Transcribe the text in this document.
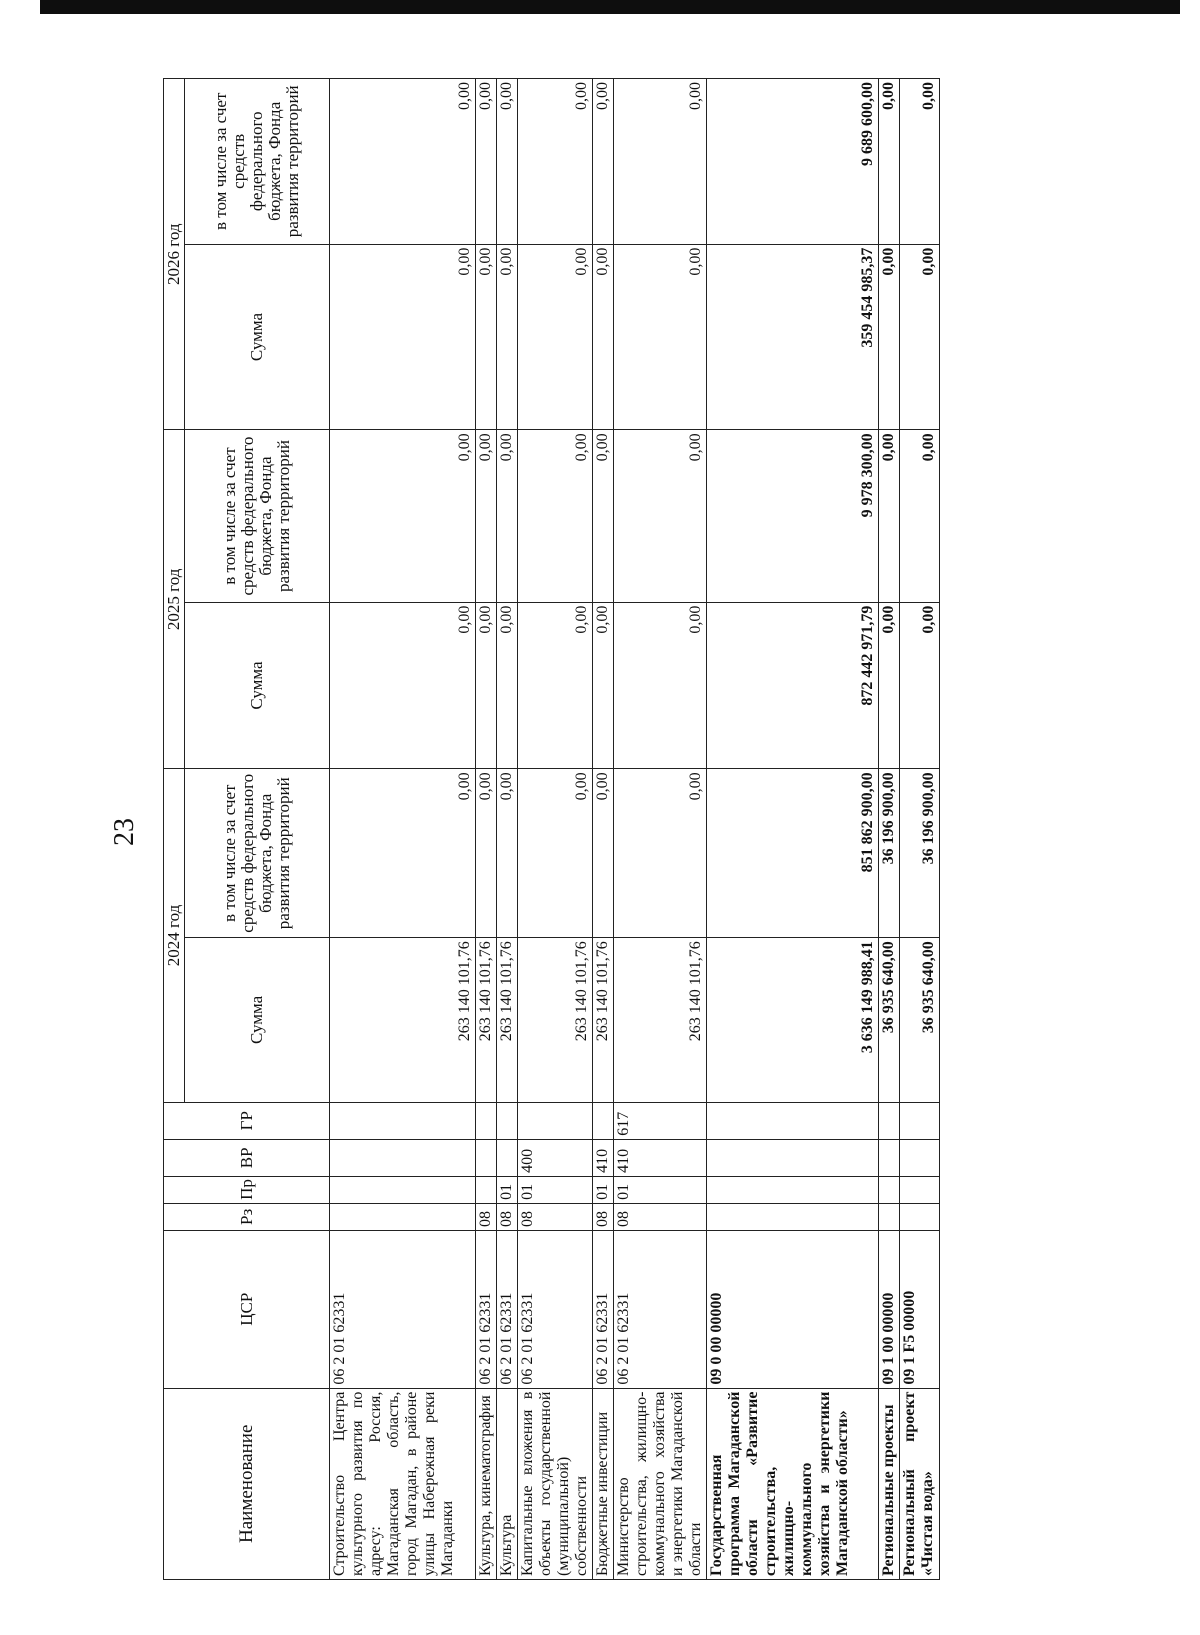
23
Наименование	ЦСР	Рз	Пр	ВР	ГР	2024 год		2025 год		2026 год	
						Сумма	в том числе за счет средств федерального бюджета, Фонда развития территорий	Сумма	в том числе за счет средств федерального бюджета, Фонда развития территорий	Сумма	в том числе за счет средств федерального бюджета, Фонда развития территорий
Строительство Центра культурного развития по адресу: Россия, Магаданская область, город Магадан, в районе улицы Набережная реки Магаданки	06 2 01 62331					263 140 101,76	0,00	0,00	0,00	0,00	0,00
Культура, кинематография	06 2 01 62331	08				263 140 101,76	0,00	0,00	0,00	0,00	0,00
Культура	06 2 01 62331	08	01			263 140 101,76	0,00	0,00	0,00	0,00	0,00
Капитальные вложения в объекты государственной (муниципальной) собственности	06 2 01 62331	08	01	400		263 140 101,76	0,00	0,00	0,00	0,00	0,00
Бюджетные инвестиции	06 2 01 62331	08	01	410		263 140 101,76	0,00	0,00	0,00	0,00	0,00
Министерство строительства, жилищно-коммунального хозяйства и энергетики Магаданской области	06 2 01 62331	08	01	410	617	263 140 101,76	0,00	0,00	0,00	0,00	0,00
Государственная программа Магаданской области «Развитие строительства, жилищно-коммунального хозяйства и энергетики Магаданской области»	09 0 00 00000					3 636 149 988,41	851 862 900,00	872 442 971,79	9 978 300,00	359 454 985,37	9 689 600,00
Региональные проекты	09 1 00 00000					36 935 640,00	36 196 900,00	0,00	0,00	0,00	0,00
Региональный проект «Чистая вода»	09 1 F5 00000					36 935 640,00	36 196 900,00	0,00	0,00	0,00	0,00
